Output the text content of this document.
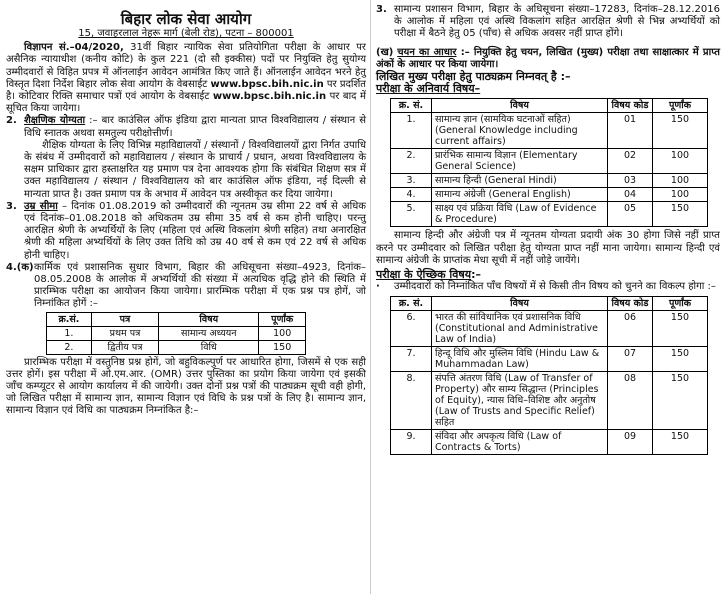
बिहार लोक सेवा आयोग
15, जवाहरलाल नेहरू मार्ग (बेली रोड), पटना – 800001

विज्ञापन सं.–04/2020, 31वीं बिहार न्यायिक सेवा प्रतियोगिता परीक्षा के आधार पर असैनिक न्यायाधीश (कनीय कोटि) के कुल 221 (दो सौ इक्कीस) पदों पर नियुक्ति हेतु सुयोग्य उम्मीदवारों से विहित प्रपत्र में ऑनलाईन आवेदन आमंत्रित किए जाते हैं। ऑनलाईन आवेदन भरने हेतु विस्तृत दिशा निर्देश बिहार लोक सेवा आयोग के वेबसाईट www.bpsc.bih.nic.in पर प्रदर्शित है। कोटिवार रिक्ति समाचार पत्रों एवं आयोग के वेबसाईट www.bpsc.bih.nic.in पर बाद में सूचित किया जायेगा।

2. शैक्षणिक योग्यता :– बार काउंसिल ऑफ इंडिया द्वारा मान्यता प्राप्त विश्वविद्यालय / संस्थान से विधि स्नातक अथवा समतुल्य परीक्षोत्तीर्ण।

शैक्षिक योग्यता के लिए विभिन्न महाविद्यालयों / संस्थानों / विश्वविद्यालयों द्वारा निर्गत उपाधि के संबंध में उम्मीदवारों को महाविद्यालय / संस्थान के प्राचार्य / प्रधान, अथवा विश्वविद्यालय के सक्षम प्राधिकार द्वारा हस्ताक्षरित यह प्रमाण पत्र देना आवश्यक होगा कि संबंधित शिक्षण सत्र में उक्त महाविद्यालय / संस्थान / विश्वविद्यालय को बार काउंसिल ऑफ इंडिया, नई दिल्ली से मान्यता प्राप्त है। उक्त प्रमाण पत्र के अभाव में आवेदन पत्र अस्वीकृत कर दिया जायेगा।

3. उम्र सीमा – दिनांक 01.08.2019 को उम्मीदवारों की न्यूनतम उम्र सीमा 22 वर्ष से अधिक एवं दिनांक–01.08.2018 को अधिकतम उम्र सीमा 35 वर्ष से कम होनी चाहिए। परन्तु आरक्षित श्रेणी के अभ्यर्थियों के लिए (महिला एवं अस्थि विकलांग श्रेणी सहित) तथा अनारक्षित श्रेणी की महिला अभ्यर्थियों के लिए उक्त तिथि को उम्र 40 वर्ष से कम एवं 22 वर्ष से अधिक होनी चाहिए।

4.(क) कार्मिक एवं प्रशासनिक सुधार विभाग, बिहार की अधिसूचना संख्या–4923, दिनांक– 08.05.2008 के आलोक में अभ्यर्थियों की संख्या में अत्यधिक वृद्धि होने की स्थिति में प्रारम्भिक परीक्षा का आयोजन किया जायेगा। प्रारम्भिक परीक्षा में एक प्रश्न पत्र होगें, जो निम्नांकित होगें :–

क्र.सं.	पत्र	विषय	पूर्णांक
1.	प्रथम पत्र	सामान्य अध्ययन	100
2.	द्वितीय पत्र	विधि	150

प्रारम्भिक परीक्षा में वस्तुनिष्ठ प्रश्न होगें, जो बहुविकल्पुर्ण पर आधारित होगा, जिसमें से एक सही उत्तर होगें। इस परीक्षा में ओ.एम.आर. (OMR) उत्तर पुस्तिका का प्रयोग किया जायेगा एवं इसकी जाँच कम्प्यूटर से आयोग कार्यालय में की जायेगी। उक्त दोनों प्रश्न पत्रों की पाठ्यक्रम सूची वही होगी, जो लिखित परीक्षा में सामान्य ज्ञान, सामान्य विज्ञान एवं विधि के प्रश्न पत्रों के लिए है। सामान्य ज्ञान, सामान्य विज्ञान एवं विधि का पाठ्यक्रम निम्नांकित है:–

3. सामान्य प्रशासन विभाग, बिहार के अधिसूचना संख्या–17283, दिनांक–28.12.2016 के आलोक में महिला एवं अस्थि विकलांग सहित आरक्षित श्रेणी से भिन्न अभ्यर्थियों को परीक्षा में बैठने हेतु 05 (पाँच) से अधिक अवसर नहीं प्राप्त होंगे।

(ख) चयन का आधार :– नियुक्ति हेतु चयन, लिखित (मुख्य) परीक्षा तथा साक्षात्कार में प्राप्त अंकों के आधार पर किया जायेगा।

लिखित मुख्य परीक्षा हेतु पाठ्यक्रम निम्नवत् है :–
परीक्षा के अनिवार्य विषय–
क्र. सं.	विषय	विषय कोड	पूर्णांक
1.	सामान्य ज्ञान (सामयिक घटनाओं सहित) (General Knowledge including current affairs)	01	150
2.	प्रारंभिक सामान्य विज्ञान (Elementary General Science)	02	100
3.	सामान्य हिन्दी (General Hindi)	03	100
4.	सामान्य अंग्रेजी (General English)	04	100
5.	साक्ष्य एवं प्रक्रिया विधि (Law of Evidence & Procedure)	05	150

सामान्य हिन्दी और अंग्रेजी पत्र में न्यूनतम योग्यता प्रदायी अंक 30 होगा जिसे नहीं प्राप्त करने पर उम्मीदवार को लिखित परीक्षा हेतु योग्यता प्राप्त नहीं माना जायेगा। सामान्य हिन्दी एवं सामान्य अंग्रेजी के प्राप्तांक मेधा सूची में नहीं जोड़े जायेंगे।

परीक्षा के ऐच्छिक विषय:–
·	उम्मीदवारों को निम्नांकित पाँच विषयों में से किसी तीन विषय को चुनने का विकल्प होगा :–

क्र. सं.	विषय	विषय कोड	पूर्णांक
6.	भारत की सांविधानिक एवं प्रशासनिक विधि (Constitutional and Administrative Law of India)	06	150
7.	हिन्दू विधि और मुस्लिम विधि (Hindu Law & Muhammadan Law)	07	150
8.	संपत्ति अंतरण विधि (Law of Transfer of Property) और साम्य सिद्धान्त (Principles of Equity), न्यास विधि–विशिष्ट और अनुतोष (Law of Trusts and Specific Relief) सहित	08	150
9.	संविदा और अपकृत्य विधि (Law of Contracts & Torts)	09	150
